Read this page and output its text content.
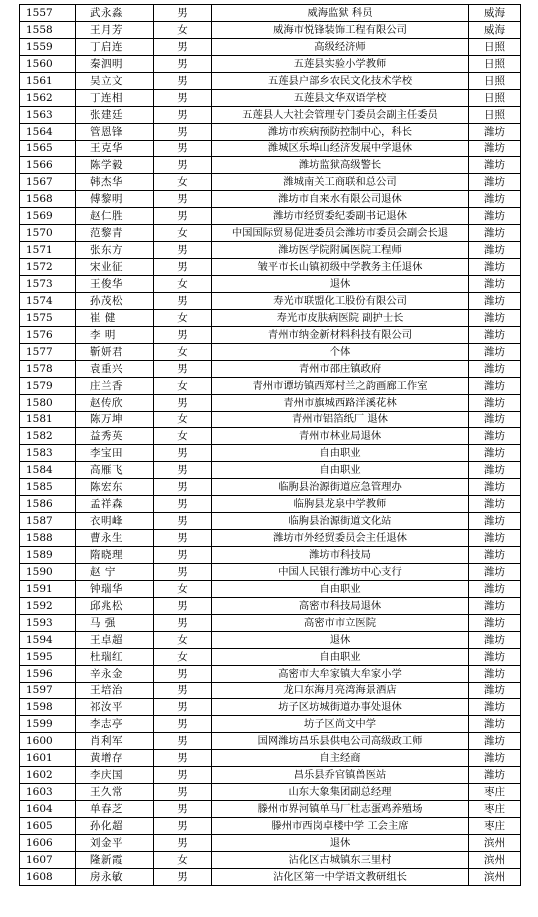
1557	武永淼	男	威海监狱 科员	威海
1558	王月芳	女	威海市悦锋装饰工程有限公司	威海
1559	丁启连	男	高级经济师	日照
1560	秦泗明	男	五莲县实验小学教师	日照
1561	吴立文	男	五莲县户部乡农民文化技术学校	日照
1562	丁连相	男	五莲县文华双语学校	日照
1563	张建廷	男	五莲县人大社会管理专门委员会副主任委员	日照
1564	管恩锋	男	潍坊市疾病预防控制中心，科长	潍坊
1565	王克华	男	潍城区乐埠山经济发展中学退休	潍坊
1566	陈学毅	男	潍坊监狱高级警长	潍坊
1567	韩杰华	女	潍城南关工商联和总公司	潍坊
1568	傅黎明	男	潍坊市自来水有限公司退休	潍坊
1569	赵仁胜	男	潍坊市经贸委纪委副书记退休	潍坊
1570	范黎青	女	中国国际贸易促进委员会潍坊市委员会副会长退	潍坊
1571	张东方	男	潍坊医学院附属医院工程师	潍坊
1572	宋业征	男	皱平市长山镇初级中学教务主任退休	潍坊
1573	王俊华	女	退休	潍坊
1574	孙茂松	男	寿光市联盟化工股份有限公司	潍坊
1575	崔 健	女	寿光市皮肤病医院 副护士长	潍坊
1576	李 明	男	青州市纳金新材料科技有限公司	潍坊
1577	靳妍君	女	个体	潍坊
1578	袁重兴	男	青州市邵庄镇政府	潍坊
1579	庄兰香	女	青州市谭坊镇西郑村兰之韵画廊工作室	潍坊
1580	赵传欣	男	青州市旗城西路洋溪花林	潍坊
1581	陈万坤	女	青州市铝箔纸厂 退休	潍坊
1582	益秀英	女	青州市林业局退休	潍坊
1583	李宝田	男	自由职业	潍坊
1584	高雁飞	男	自由职业	潍坊
1585	陈宏东	男	临朐县治源街道应急管理办	潍坊
1586	孟祥森	男	临朐县龙泉中学教师	潍坊
1587	衣明峰	男	临朐县治源街道文化站	潍坊
1588	曹永生	男	潍坊市外经贸委员会主任退休	潍坊
1589	隋晓理	男	潍坊市科技局	潍坊
1590	赵 宁	男	中国人民银行潍坊中心支行	潍坊
1591	钟瑞华	女	自由职业	潍坊
1592	邱兆松	男	高密市科技局退休	潍坊
1593	马 强	男	高密市市立医院	潍坊
1594	王卓超	女	退休	潍坊
1595	杜瑞红	女	自由职业	潍坊
1596	辛永金	男	高密市大牟家镇大牟家小学	潍坊
1597	王培治	男	龙口东海月亮湾海景酒店	潍坊
1598	祁汝平	男	坊子区坊城街道办事处退休	潍坊
1599	李志亭	男	坊子区尚文中学	潍坊
1600	肖利军	男	国网潍坊昌乐县供电公司高级政工师	潍坊
1601	黄增存	男	自主经商	潍坊
1602	李庆国	男	昌乐县乔官镇兽医站	潍坊
1603	王久常	男	山东大象集团副总经理	枣庄
1604	单春芝	男	滕州市界河镇单马厂杜志蛋鸡养殖场	枣庄
1605	孙化超	男	滕州市西岗卓楼中学 工会主席	枣庄
1606	刘金平	男	退休	滨州
1607	隆新霞	女	沾化区古城镇东三里村	滨州
1608	房永敏	男	沾化区第一中学语文教研组长	滨州
